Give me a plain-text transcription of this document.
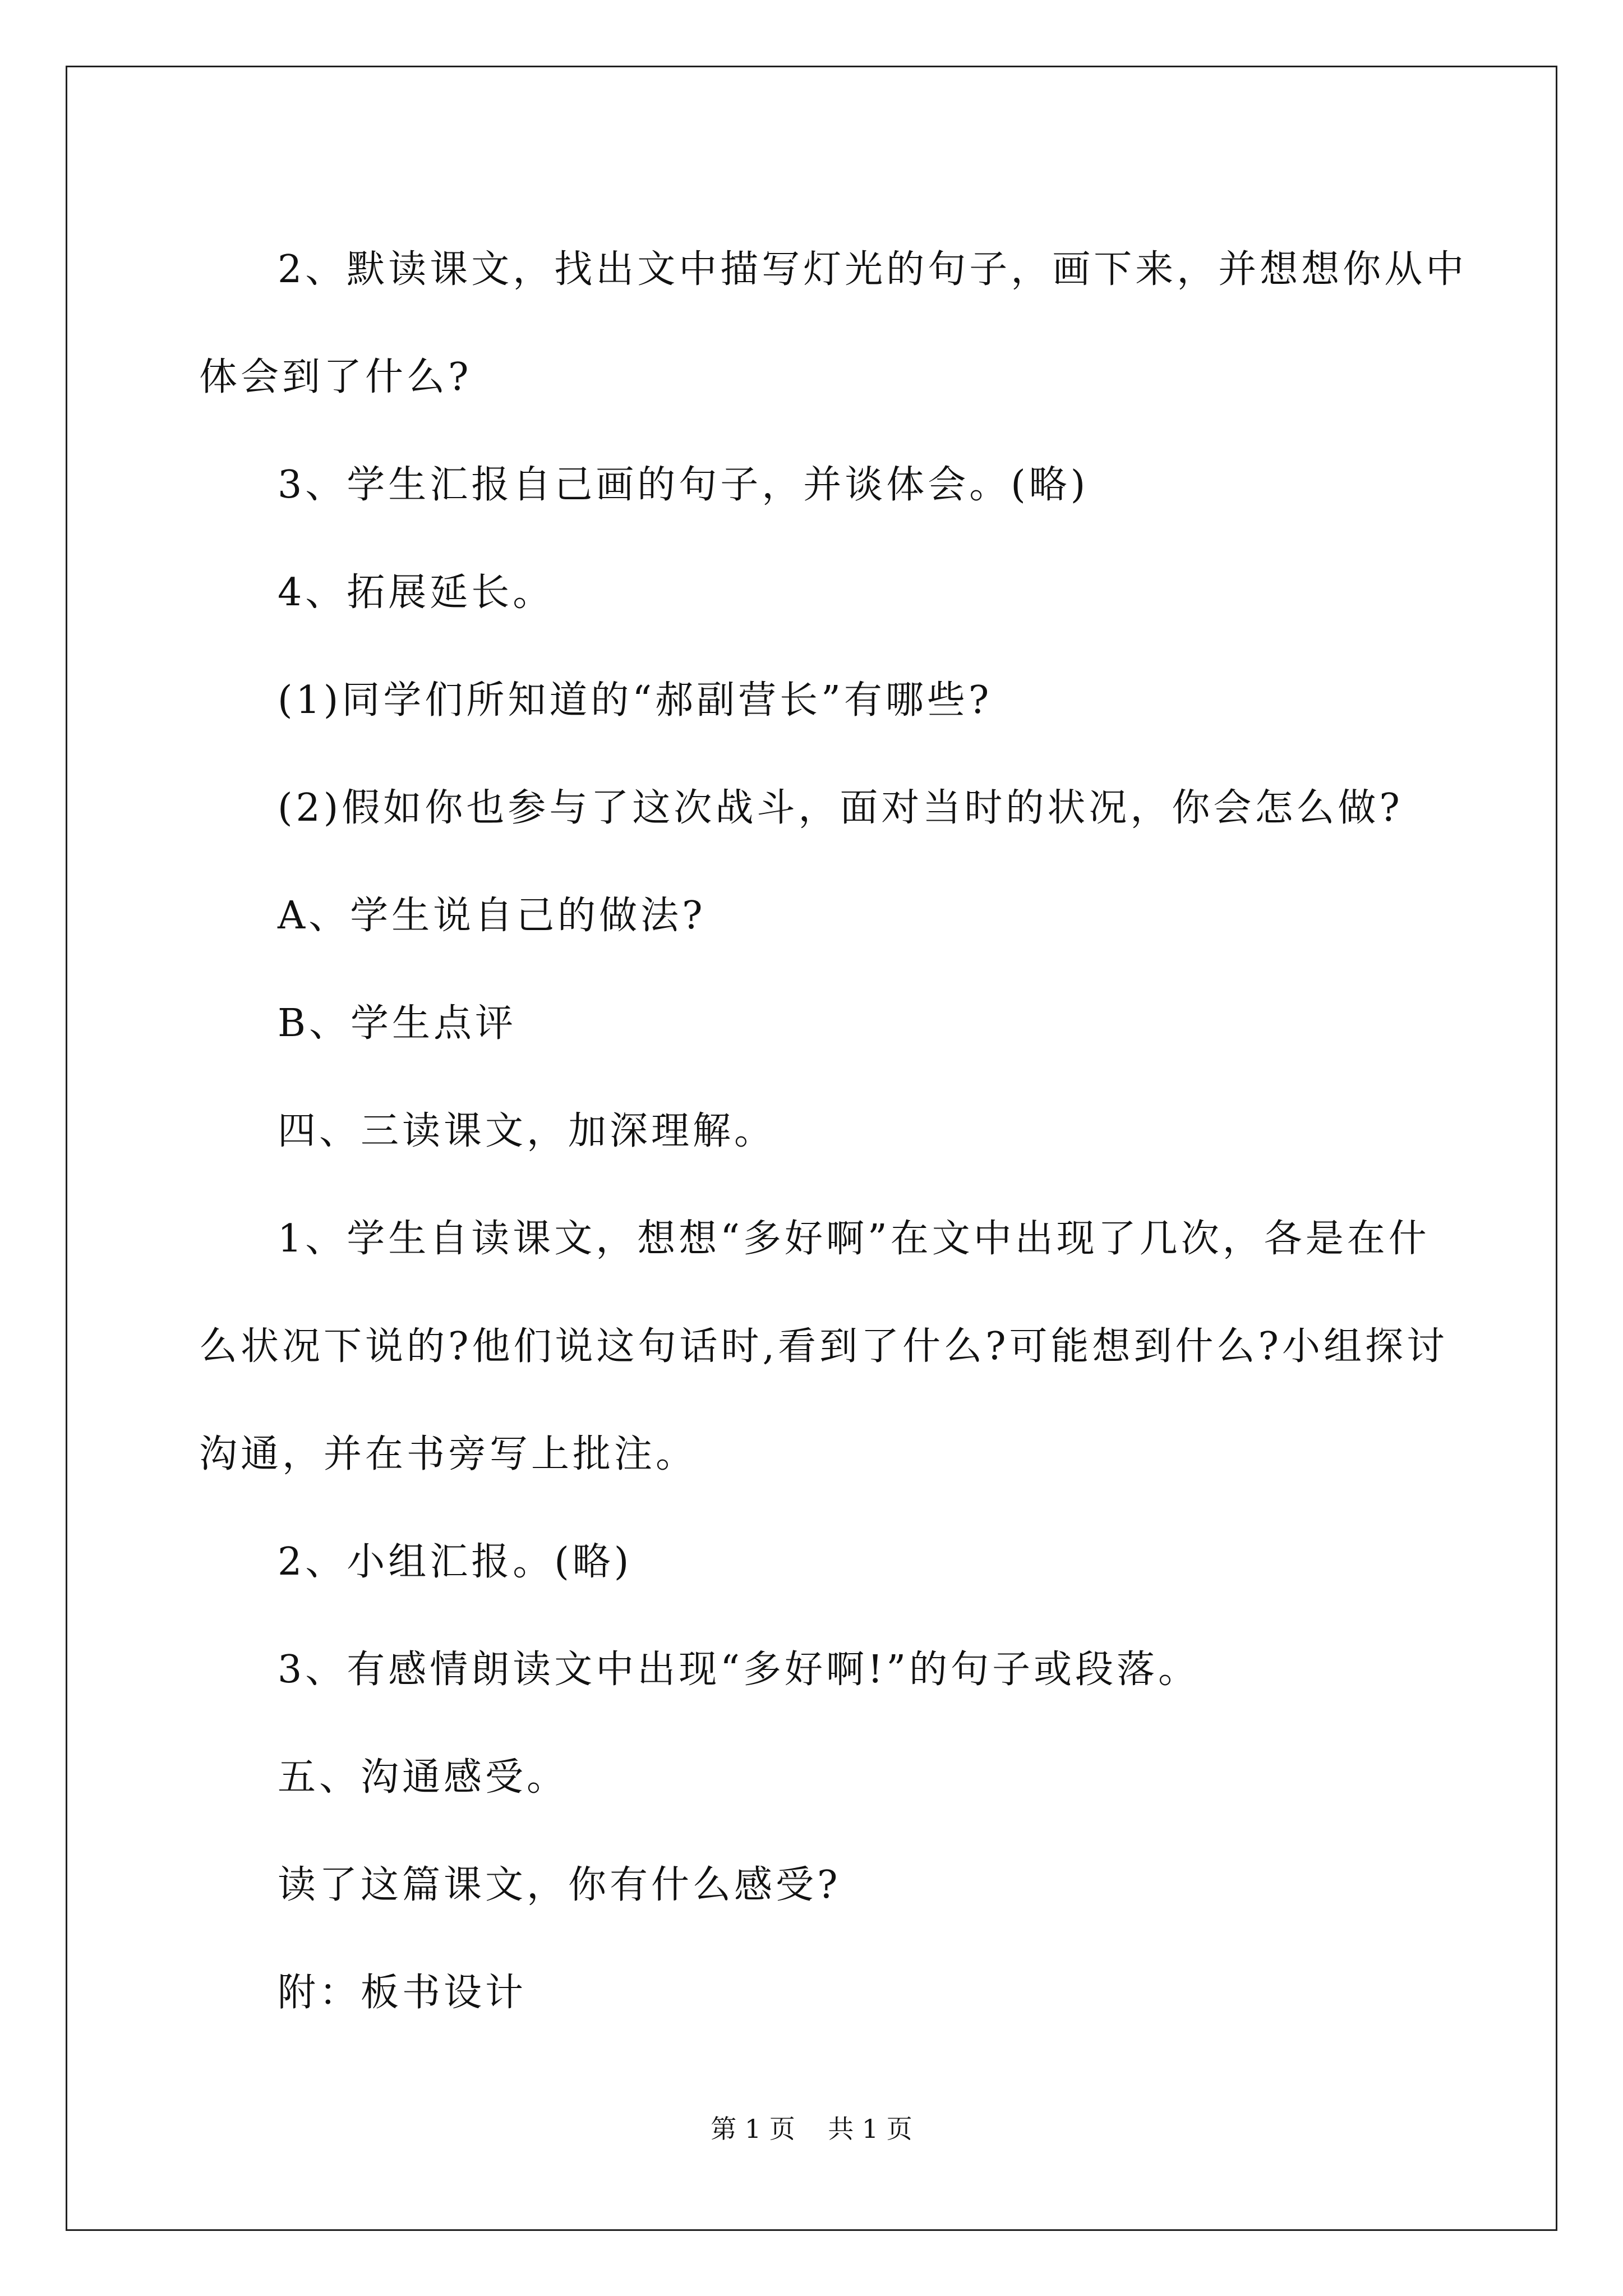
2、默读课文，找出文中描写灯光的句子，画下来，并想想你从中
体会到了什么?
3、学生汇报自己画的句子，并谈体会。(略)
4、拓展延长。
(1)同学们所知道的“郝副营长”有哪些?
(2)假如你也参与了这次战斗，面对当时的状况，你会怎么做?
A、学生说自己的做法?
B、学生点评
四、三读课文，加深理解。
1、学生自读课文，想想“多好啊”在文中出现了几次，各是在什
么状况下说的?他们说这句话时,看到了什么?可能想到什么?小组探讨
沟通，并在书旁写上批注。
2、小组汇报。(略)
3、有感情朗读文中出现“多好啊!”的句子或段落。
五、沟通感受。
读了这篇课文，你有什么感受?
附：板书设计
第 1 页    共 1 页
